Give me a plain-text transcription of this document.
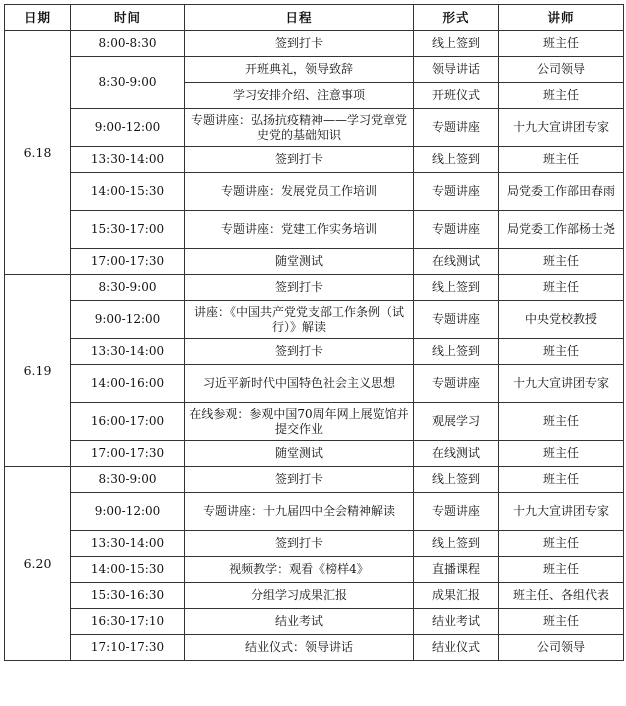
日期	时间	日程	形式	讲师
6.18	8:00-8:30	签到打卡	线上签到	班主任
	8:30-9:00	开班典礼，领导致辞	领导讲话	公司领导
		学习安排介绍、注意事项	开班仪式	班主任
	9:00-12:00	专题讲座：弘扬抗疫精神——学习党章党史党的基础知识	专题讲座	十九大宣讲团专家
	13:30-14:00	签到打卡	线上签到	班主任
	14:00-15:30	专题讲座：发展党员工作培训	专题讲座	局党委工作部田春雨
	15:30-17:00	专题讲座：党建工作实务培训	专题讲座	局党委工作部杨士尧
	17:00-17:30	随堂测试	在线测试	班主任
6.19	8:30-9:00	签到打卡	线上签到	班主任
	9:00-12:00	讲座：《中国共产党党支部工作条例（试行）》解读	专题讲座	中央党校教授
	13:30-14:00	签到打卡	线上签到	班主任
	14:00-16:00	习近平新时代中国特色社会主义思想	专题讲座	十九大宣讲团专家
	16:00-17:00	在线参观：参观中国70周年网上展览馆并提交作业	观展学习	班主任
	17:00-17:30	随堂测试	在线测试	班主任
6.20	8:30-9:00	签到打卡	线上签到	班主任
	9:00-12:00	专题讲座：十九届四中全会精神解读	专题讲座	十九大宣讲团专家
	13:30-14:00	签到打卡	线上签到	班主任
	14:00-15:30	视频教学：观看《榜样4》	直播课程	班主任
	15:30-16:30	分组学习成果汇报	成果汇报	班主任、各组代表
	16:30-17:10	结业考试	结业考试	班主任
	17:10-17:30	结业仪式：领导讲话	结业仪式	公司领导
